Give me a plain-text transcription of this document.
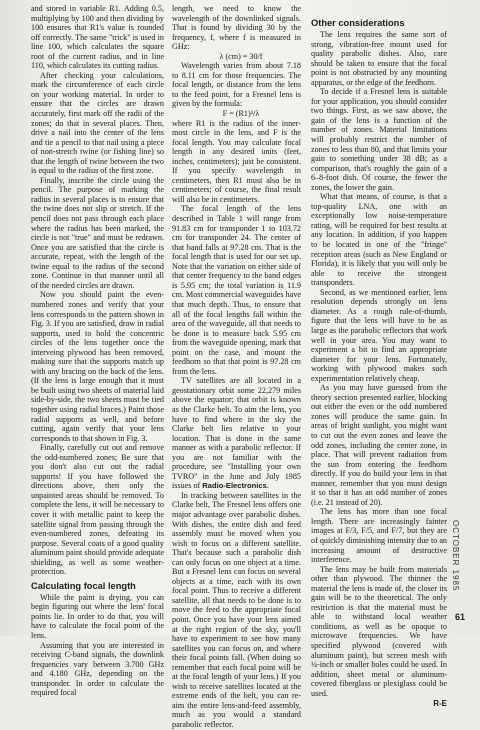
and stored in variable R1. Adding 0.5, multiplying by 100 and then dividing by 100 ensures that R1's value is rounded off correctly. The same "trick" is used in line 100, which calculates the square root of the current radius, and in line 110, which calculates its cutting radius.

After checking your calculations, mark the circumference of each circle on your working material. In order to ensure that the circles are drawn accurately, first mark off the radii of the zones; do that in several places. Then, drive a nail into the center of the lens and tie a pencil to that nail using a piece of non-stretch twine (or fishing line) so that the length of twine between the two is equal to the radius of the first zone.

Finally, inscribe the circle using the pencil. The purpose of marking the radius in several places is to ensure that the twine does not slip or stretch. If the pencil does not pass through each place where the radius has been marked, the circle is not "true" and must be redrawn. Once you are satisfied that the circle is accurate, repeat, with the length of the twine equal to the radius of the second zone. Continue in that manner until all of the needed circles are drawn.

Now you should paint the even-numbered zones and verify that your lens corresponds to the pattern shown in Fig. 3. If you are satisfied, draw in radial supports, used to hold the concentric circles of the lens together once the interveing plywood has been removed, making sure that the supports match up with any bracing on the back of the lens. (If the lens is large enough that it must be built using two sheets of material laid side-by-side, the two sheets must be tied together using radial braces.) Paint those radial supports as well, and before cutting, again verify that your lens corresponds to that shown in Fig. 3.

Finally, carefully cut out and remove the odd-numbered zones; Be sure that you don't also cut out the radial supports! If you have followed the directions above, then only the unpainted areas should be removed. To complete the lens, it will be necessary to cover it with metallic paint to keep the satellite signal from passing through the even-numbered zones, defeating its purpose. Several coats of a good quality aluminum paint should provide adequate shielding, as well as some weather-protection.

Calculating focal length

While the paint is drying, you can begin figuring out where the lens' focal points lie. In order to do that, you will have to calculate the focal point of the lens.

Assuming that you are interested in receiving C-band signals, the downlink frequencies vary between 3.700 GHz and 4.180 GHz, depending on the transponder. In order to calculate the required focal

length, we need to know the wavelength of the downlinked signals. That is found by dividing 30 by the frequency, f, where f is measured in GHz:

λ (cm) = 30/f

Wavelength varies from about 7.18 to 8.11 cm for those frequencies. The focal length, or distance from the lens to the feed point, for a Fresnel lens is given by the formula:

F = (R1)²/λ

where R1 is the radius of the inner-most circle in the lens, and F is the focal length. You may calculate focal length in any desired units (feet, inches, centimeters); just be consistent. If you specify wavelength in centimeters, then R1 must also be in centimeters; of course, the final result will also be in centimeters.

The focal length of the lens described in Table 1 will range from 91.83 cm for transponder 1 to 103.72 cm for transponder 24. The center of that band falls at 97.28 cm. That is the focal length that is used for our set up. Note that the variation on either side of that center frequency to the band edges is 5.95 cm; the total variation is 11.9 cm. Most commercial waveguides have that much depth. Thus, to ensure that all of the focal lengths fall within the area of the waveguide, all that needs to be done is to measure back 5.95 cm from the waveguide opening, mark that point on the case, and mount the feedhorn so that that point is 97.28 cm from the lens.

TV satellites are all located in a geostationary orbit some 22,279 miles above the equator; that orbit is known as the Clarke belt. To aim the lens, you have to find where in the sky the Clarke belt lies relative to your location. That is done in the same manner as with a parabolic reflector. If you are not familiar with the procedure, see "Installing your own TVRO" in the June and July 1985 issues of Radio-Electronics.

In tracking between satellites in the Clarke belt, The Fresnel lens offers one major advantage over parabolic dishes. With dishes, the entire dish and feed assembly must be moved when you wish to focus on a different satellite. That's because such a parabolic dish can only focus on one object at a time. But a Fresnel lens can focus on several objects at a time, each with its own focal point. Thus to receive a different satellite, all that needs to be done is to move the feed to the appropriate focal point. Once you have your lens aimed at the right region of the sky, you'll have to experiment to see how many satellites you can focus on, and where their focal points fall. (When doing so remember that each focal point will be at the focal length of your lens.) If you wish to receive satellites located at the extreme ends of the belt, you can re-aim the entire lens-and-feed assembly, much as you would a standard parabolic reflector.

Other considerations

The lens requires the same sort of strong, vibration-free mount used for quality parabolic dishes. Also, care should be taken to ensure that the focal point is not obstructed by any mounting apparatus, or the edge of the feedhorn.

To decide if a Fresnel lens is suitable for your application, you should consider two things. First, as we saw above, the gain of the lens is a function of the number of zones. Material limitations will probably restrict the number of zones to less than 80, and that limits your gain to something under 38 dB; as a comparison, that's roughly the gain of a 6–8-foot dish. Of course, the fewer the zones, the lower the gain.

What that means, of course, is that a top-quality LNA, one with an exceptionally low noise-temperature rating, will be required for best results at any location. In addition, if you happen to be located in one of the "fringe" reception areas (such as New England or Florida), it is likely that you will only be able to receive the strongest transponders.

Second, as we mentioned earlier, lens resolution depends strongly on lens diameter. As a rough rule-of-thumb, figure that the lens will have to be as large as the parabolic reflectors that work well in your area. You may want to experiment a bit to find an appropriate diameter for your lens. Fortunately, working with plywood makes such experimentation relatively cheap.

As you may have guessed from the theory section presented earlier, blocking out either the even or the odd numbered zones will produce the same gain. In areas of bright sunlight, you might want to cut out the even zones and leave the odd zones, including the center zone, in place. That will prevent radiation from the sun from entering the feedhorn directly. If you do build your lens in that manner, remember that you must design it so that it has an odd number of zones (i.e. 21 instead of 20).

The lens has more than one focal length. There are increasingly fainter images at F/3, F/5, and F/7, but they are of quickly diminishing intensity due to an increasing amount of destructive interference.

The lens may be built from materials other than plywood. The thinner the material the lens is made of, the closer its gain will be to the theoretical. The only restriction is that the material must be able to withstand local weather conditions, as well as be opaque to microwave frequencies. We have specified plywood (covered with aluminum paint), but screen mesh with ¼-inch or smaller holes could be used. In addition, sheet metal or aluminum-covered fiberglass or plexiglass could be used.

R-E
OCTOBER 1985
61
